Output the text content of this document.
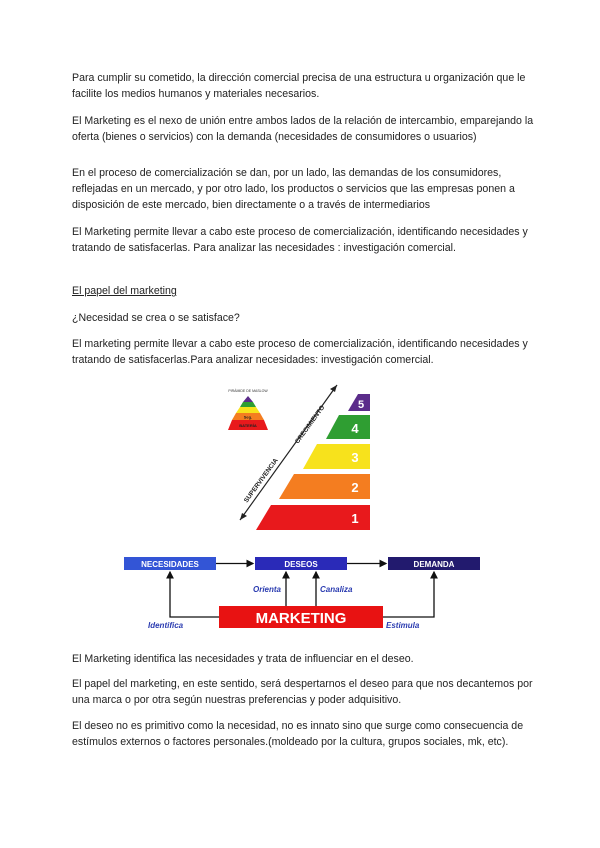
Para cumplir su cometido, la dirección comercial precisa de una estructura u organización que le facilite los medios humanos y materiales necesarios.

El Marketing es el nexo de unión entre ambos lados de la relación de intercambio, emparejando la oferta (bienes o servicios) con la demanda (necesidades de consumidores o usuarios)

En el proceso de comercialización se dan, por un lado, las demandas de los consumidores, reflejadas en un mercado, y por otro lado, los productos o servicios que las empresas ponen a disposición de este mercado, bien directamente o a través de intermediarios

El Marketing permite llevar a cabo este proceso de comercialización, identificando necesidades y tratando de satisfacerlas. Para analizar las necesidades : investigación comercial.

El papel del marketing

¿Necesidad se crea o se satisface?

El marketing permite llevar a cabo este proceso de comercialización, identificando necesidades y tratando de satisfacerlas.Para analizar necesidades: investigación comercial.

PIRÁMIDE DE MASLOW
Seg.
BATERÍA
1
2
3
4
5
CRECIMIENTO
SUPERVIVENCIA
NECESIDADES	DESEOS	DEMANDA
MARKETING
Orienta	Canaliza
Identifica	Estimula

El Marketing identifica las necesidades y trata de influenciar en el deseo.

El papel del marketing, en este sentido, será despertarnos el deseo para que nos decantemos por una marca o por otra según nuestras preferencias y poder adquisitivo.

El deseo no es primitivo como la necesidad, no es innato sino que surge como consecuencia de estímulos externos o factores personales.(moldeado por la cultura, grupos sociales, mk, etc).
